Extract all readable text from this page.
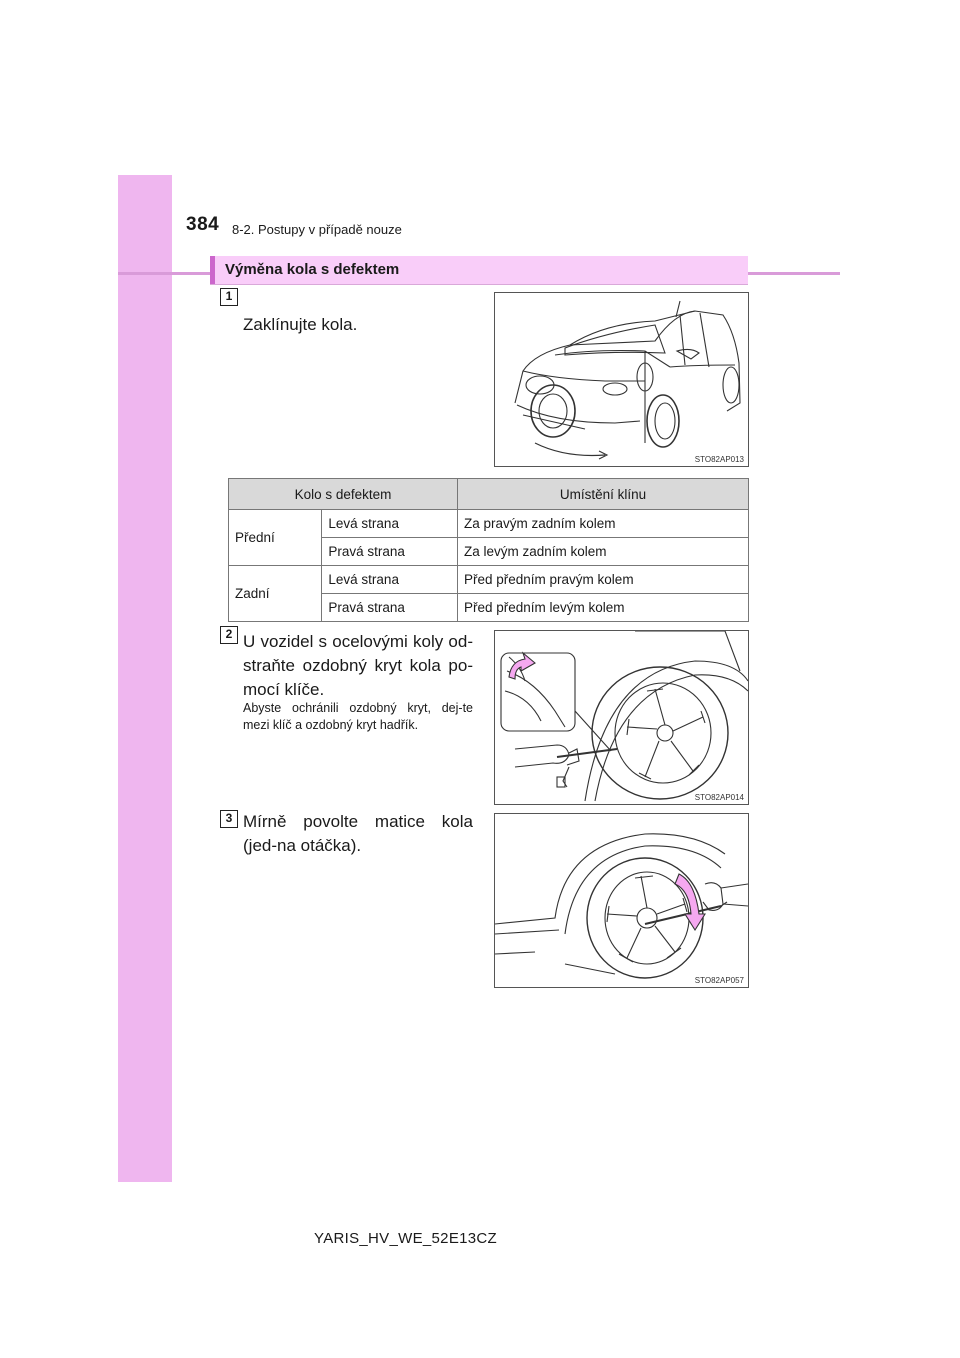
384 8-2. Postupy v případě nouze
Výměna kola s defektem
1
Zaklínujte kola.
STO82AP013
Kolo s defektem		Umístění klínu
Přední	Levá strana	Za pravým zadním kolem
	Pravá strana	Za levým zadním kolem
Zadní	Levá strana	Před předním pravým kolem
	Pravá strana	Před předním levým kolem
2 U vozidel s ocelovými koly od-straňte ozdobný kryt kola po-mocí klíče.
Abyste ochránili ozdobný kryt, dej-te mezi klíč a ozdobný kryt hadřík.
STO82AP014
3 Mírně povolte matice kola (jed-na otáčka).
STO82AP057
YARIS_HV_WE_52E13CZ
